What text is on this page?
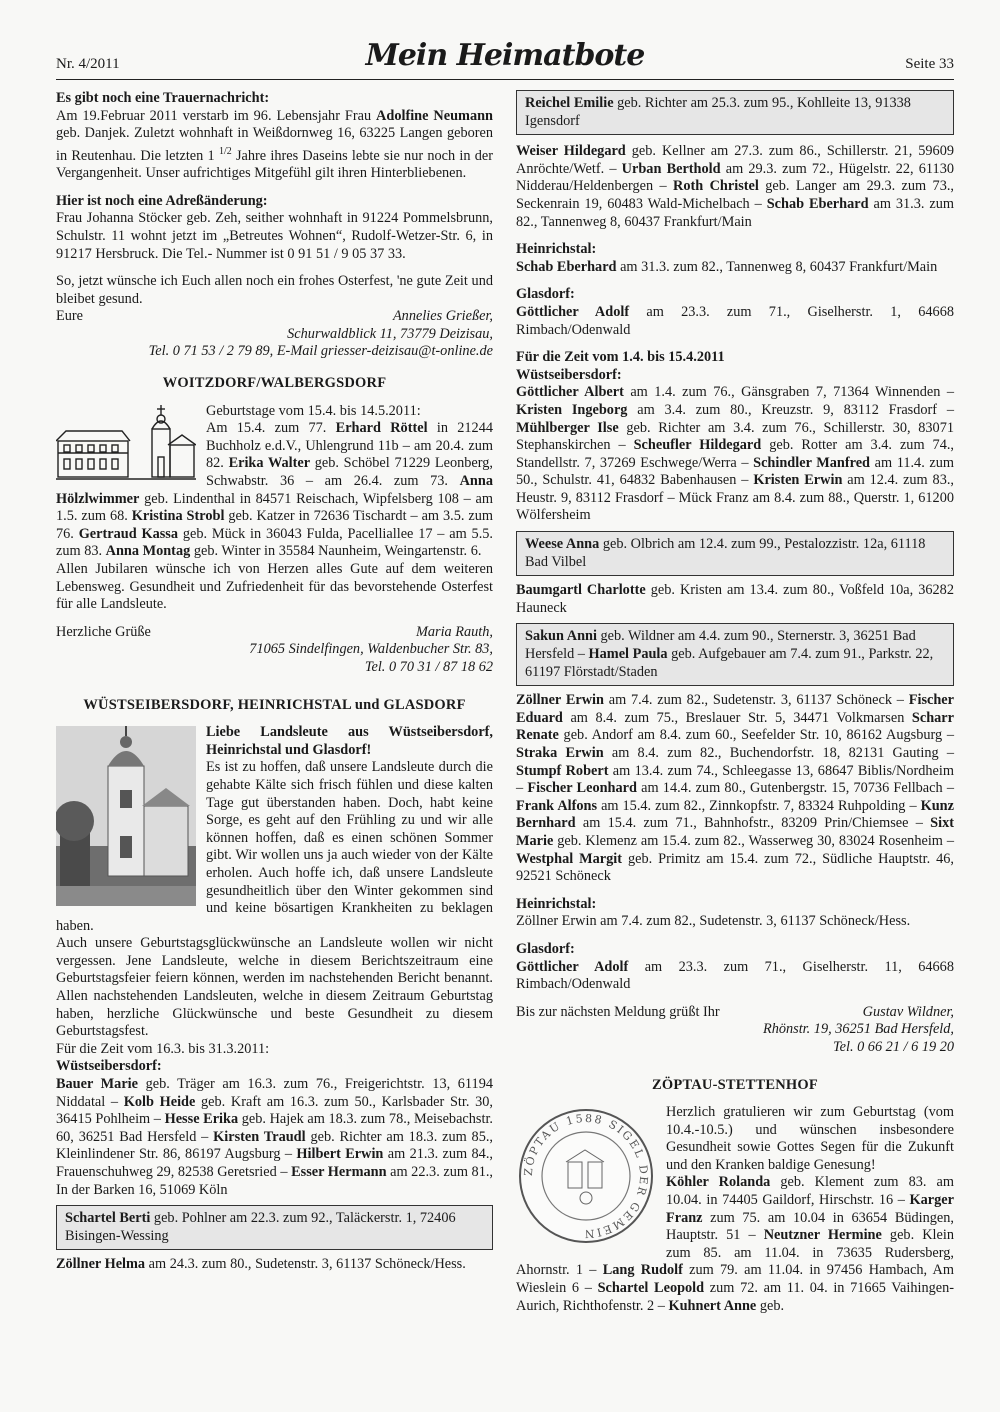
Nr. 4/2011	Mein Heimatbote	Seite 33

Es gibt noch eine Trauernachricht:

Am 19.Februar 2011 verstarb im 96. Lebensjahr Frau Adolfine Neumann geb. Danjek. Zuletzt wohnhaft in Weißdornweg 16, 63225 Langen geboren in Reutenhau. Die letzten 1 $^{1/2}$ Jahre ihres Daseins lebte sie nur noch in der Vergangenheit. Unser aufrichtiges Mitgefühl gilt ihren Hinterbliebenen.

Hier ist noch eine Adreßänderung:

Frau Johanna Stöcker geb. Zeh, seither wohnhaft in 91224 Pommelsbrunn, Schulstr. 11 wohnt jetzt im „Betreutes Wohnen“, Rudolf-Wetzer-Str. 6, in 91217 Hersbruck. Die Tel.- Nummer ist 0 91 51 / 9 05 37 33.

So, jetzt wünsche ich Euch allen noch ein frohes Osterfest, 'ne gute Zeit und bleibet gesund.

Eure	Annelies Grießer,

Schurwaldblick 11, 73779 Deizisau,

Tel. 0 71 53 / 2 79 89, E-Mail griesser-deizisau@t-online.de

WOITZDORF/WALBERGSDORF

Geburtstage vom 15.4. bis 14.5.2011:

Am 15.4. zum 77. Erhard Röttel in 21244 Buchholz e.d.V., Uhlengrund 11b – am 20.4. zum 82. Erika Walter geb. Schöbel 71229 Leonberg, Schwabstr. 36 – am 26.4. zum 73. Anna Hölzlwimmer geb. Lindenthal in 84571 Reischach, Wipfelsberg 108 – am 1.5. zum 68. Kristina Strobl geb. Katzer in 72636 Tischardt – am 3.5. zum 76. Gertraud Kassa geb. Mück in 36043 Fulda, Pacelliallee 17 – am 5.5. zum 83. Anna Montag geb. Winter in 35584 Naunheim, Weingartenstr. 6.

Allen Jubilaren wünsche ich von Herzen alles Gute auf dem weiteren Lebensweg. Gesundheit und Zufriedenheit für das bevorstehende Osterfest für alle Landsleute.

Herzliche Grüße	Maria Rauth,

71065 Sindelfingen, Waldenbucher Str. 83,

Tel. 0 70 31 / 87 18 62

WÜSTSEIBERSDORF, HEINRICHSTAL und GLASDORF

Liebe Landsleute aus Wüstseibersdorf, Heinrichstal und Glasdorf!

Es ist zu hoffen, daß unsere Landsleute durch die gehabte Kälte sich frisch fühlen und diese kalten Tage gut überstanden haben. Doch, habt keine Sorge, es geht auf den Frühling zu und wir alle können hoffen, daß es einen schönen Sommer gibt. Wir wollen uns ja auch wieder von der Kälte erholen. Auch hoffe ich, daß unsere Landsleute gesundheitlich über den Winter gekommen sind und keine bösartigen Krankheiten zu beklagen haben.

Auch unsere Geburtstagsglückwünsche an Landsleute wollen wir nicht vergessen. Jene Landsleute, welche in diesem Berichtszeitraum eine Geburtstagsfeier feiern können, werden im nachstehenden Bericht benannt. Allen nachstehenden Landsleuten, welche in diesem Zeitraum Geburtstag haben, herzliche Glückwünsche und beste Gesundheit zu diesem Geburtstagsfest.

Für die Zeit vom 16.3. bis 31.3.2011:

Wüstseibersdorf:

Bauer Marie geb. Träger am 16.3. zum 76., Freigerichtstr. 13, 61194 Niddatal – Kolb Heide geb. Kraft am 16.3. zum 50., Karlsbader Str. 30, 36415 Pohlheim – Hesse Erika geb. Hajek am 18.3. zum 78., Meisebachstr. 60, 36251 Bad Hersfeld – Kirsten Traudl geb. Richter am 18.3. zum 85., Kleinlindener Str. 86, 86197 Augsburg – Hilbert Erwin am 21.3. zum 84., Frauenschuhweg 29, 82538 Geretsried – Esser Hermann am 22.3. zum 81., In der Barken 16, 51069 Köln

Schartel Berti geb. Pohlner am 22.3. zum 92., Taläckerstr. 1, 72406 Bisingen-Wessing

Zöllner Helma am 24.3. zum 80., Sudetenstr. 3, 61137 Schöneck/Hess.

Reichel Emilie geb. Richter am 25.3. zum 95., Kohlleite 13, 91338 Igensdorf

Weiser Hildegard geb. Kellner am 27.3. zum 86., Schillerstr. 21, 59609 Anröchte/Wetf. – Urban Berthold am 29.3. zum 72., Hügelstr. 22, 61130 Nidderau/Heldenbergen – Roth Christel geb. Langer am 29.3. zum 73., Seckenrain 19, 60483 Wald-Michelbach – Schab Eberhard am 31.3. zum 82., Tannenweg 8, 60437 Frankfurt/Main

Heinrichstal:

Schab Eberhard am 31.3. zum 82., Tannenweg 8, 60437 Frankfurt/Main

Glasdorf:

Göttlicher Adolf am 23.3. zum 71., Giselherstr. 1, 64668 Rimbach/Odenwald

Für die Zeit vom 1.4. bis 15.4.2011

Wüstseibersdorf:

Göttlicher Albert am 1.4. zum 76., Gänsgraben 7, 71364 Winnenden – Kristen Ingeborg am 3.4. zum 80., Kreuzstr. 9, 83112 Frasdorf – Mühlberger Ilse geb. Richter am 3.4. zum 76., Schillerstr. 30, 83071 Stephanskirchen – Scheufler Hildegard geb. Rotter am 3.4. zum 74., Standellstr. 7, 37269 Eschwege/Werra – Schindler Manfred am 11.4. zum 50., Schulstr. 41, 64832 Babenhausen – Kristen Erwin am 12.4. zum 83., Heustr. 9, 83112 Frasdorf – Mück Franz am 8.4. zum 88., Querstr. 1, 61200 Wölfersheim

Weese Anna geb. Olbrich am 12.4. zum 99., Pestalozzistr. 12a, 61118 Bad Vilbel

Baumgartl Charlotte geb. Kristen am 13.4. zum 80., Voßfeld 10a, 36282 Hauneck

Sakun Anni geb. Wildner am 4.4. zum 90., Sternerstr. 3, 36251 Bad Hersfeld – Hamel Paula geb. Aufgebauer am 7.4. zum 91., Parkstr. 22, 61197 Flörstadt/Staden

Zöllner Erwin am 7.4. zum 82., Sudetenstr. 3, 61137 Schöneck – Fischer Eduard am 8.4. zum 75., Breslauer Str. 5, 34471 Volkmarsen Scharr Renate geb. Andorf am 8.4. zum 60., Seefelder Str. 10, 86162 Augsburg – Straka Erwin am 8.4. zum 82., Buchendorfstr. 18, 82131 Gauting – Stumpf Robert am 13.4. zum 74., Schleegasse 13, 68647 Biblis/Nordheim – Fischer Leonhard am 14.4. zum 80., Gutenbergstr. 15, 70736 Fellbach – Frank Alfons am 15.4. zum 82., Zinnkopfstr. 7, 83324 Ruhpolding – Kunz Bernhard am 15.4. zum 71., Bahnhofstr., 83209 Prin/Chiemsee – Sixt Marie geb. Klemenz am 15.4. zum 82., Wasserweg 30, 83024 Rosenheim – Westphal Margit geb. Primitz am 15.4. zum 72., Südliche Hauptstr. 46, 92521 Schöneck

Heinrichstal:

Zöllner Erwin am 7.4. zum 82., Sudetenstr. 3, 61137 Schöneck/Hess.

Glasdorf:

Göttlicher Adolf am 23.3. zum 71., Giselherstr. 11, 64668 Rimbach/Odenwald

Bis zur nächsten Meldung grüßt Ihr	Gustav Wildner,

Rhönstr. 19, 36251 Bad Hersfeld,

Tel. 0 66 21 / 6 19 20

ZÖPTAU-STETTENHOF
ZÖPTAU 1588 SIGEL DER GEMEIN

Herzlich gratulieren wir zum Geburtstag (vom 10.4.-10.5.) und wünschen insbesondere Gesundheit sowie Gottes Segen für die Zukunft und den Kranken baldige Genesung!

Köhler Rolanda geb. Klement zum 83. am 10.04. in 74405 Gaildorf, Hirschstr. 16 – Karger Franz zum 75. am 10.04 in 63654 Büdingen, Hauptstr. 51 – Neutzner Hermine geb. Klein zum 85. am 11.04. in 73635 Rudersberg, Ahornstr. 1 – Lang Rudolf zum 79. am 11.04. in 97456 Hambach, Am Wieslein 6 – Schartel Leopold zum 72. am 11. 04. in 71665 Vaihingen-Aurich, Richthofenstr. 2 – Kuhnert Anne geb.
